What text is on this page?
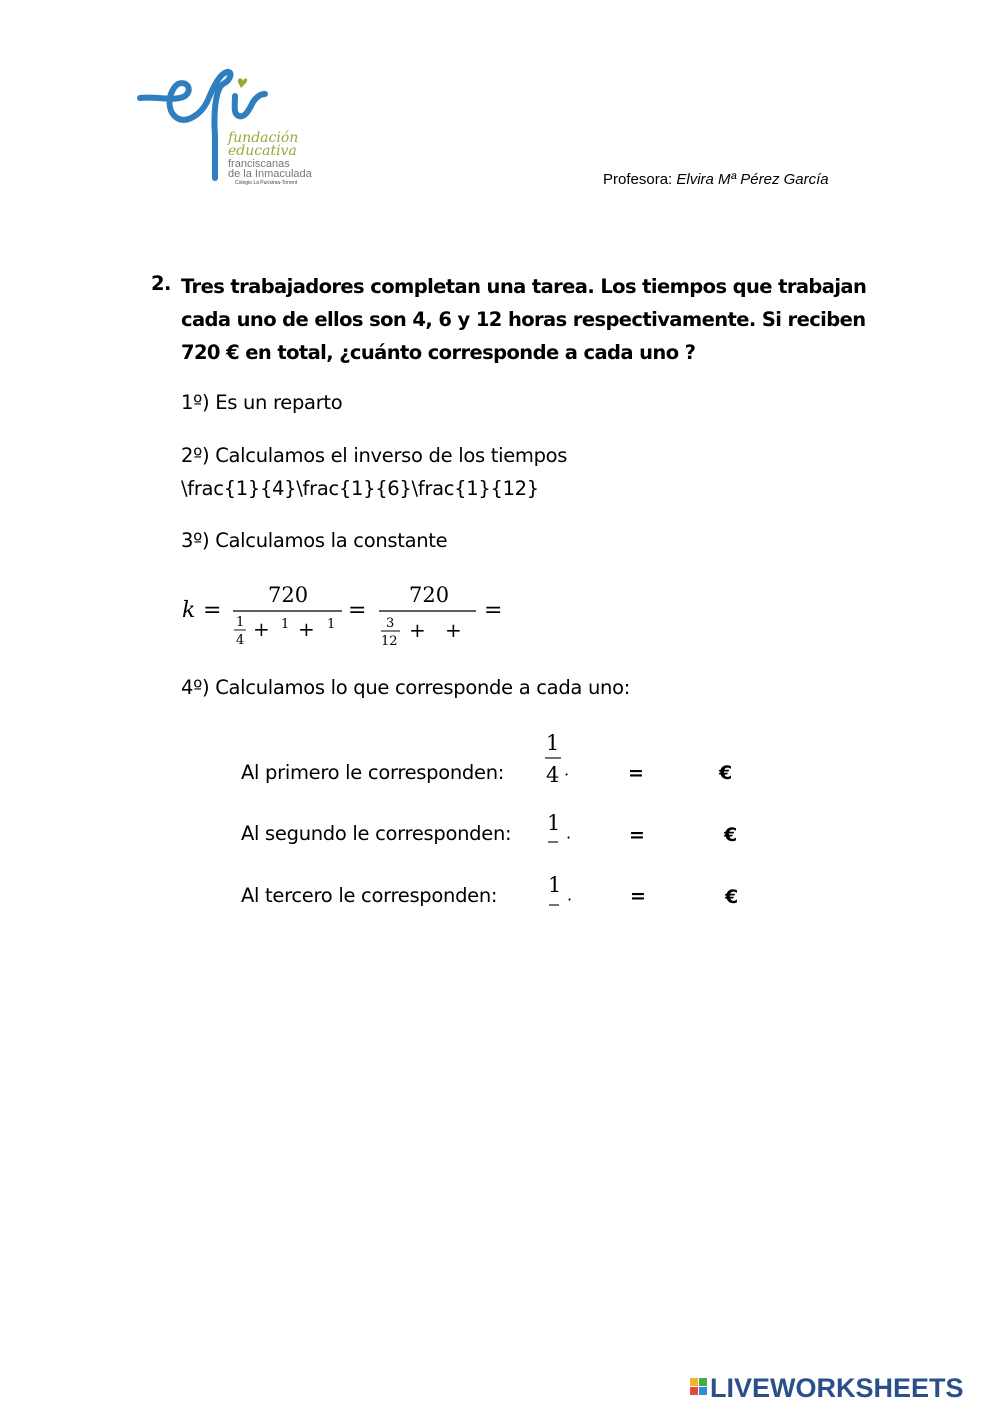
fundación
educativa
franciscanas
de la Inmaculada
Colegio La Purísima-Torrent	Profesora: Elvira Mª Pérez García
2. Tres trabajadores completan una tarea. Los tiempos que trabajan cada uno de ellos son 4, 6 y 12 horas respectivamente. Si reciben 720 € en total, ¿cuánto corresponde a cada uno ?
1º) Es un reparto
2º) Calculamos el inverso de los tiempos
\frac{1}{4}\frac{1}{6}\frac{1}{12}
3º) Calculamos la constante
k =
720
1
4 + 1 + 1
=
720
3
12 + +
=
4º) Calculamos lo que corresponde a cada uno:
Al primero le corresponden:
1
4 ·	=	€
Al segundo le corresponden: 1
·	=	€
Al tercero le corresponden: 1
·	=	€
LIVEWORKSHEETS
